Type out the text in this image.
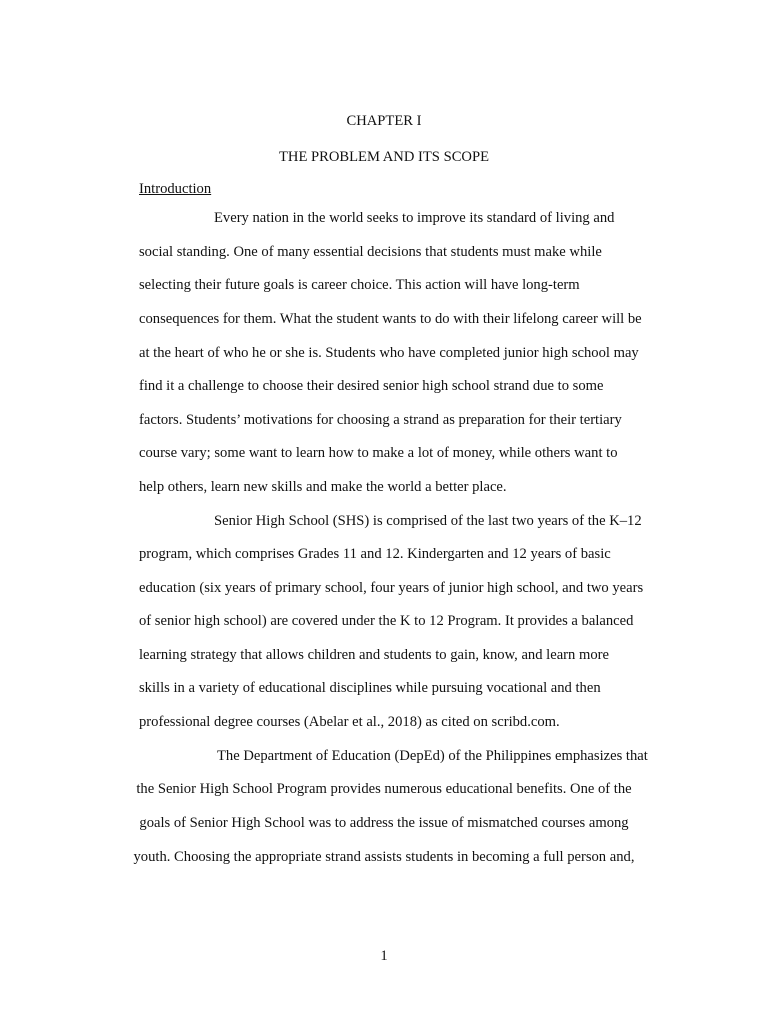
CHAPTER I

THE PROBLEM AND ITS SCOPE

Introduction

Every nation in the world seeks to improve its standard of living and

social standing. One of many essential decisions that students must make while

selecting their future goals is career choice. This action will have long-term

consequences for them. What the student wants to do with their lifelong career will be

at the heart of who he or she is. Students who have completed junior high school may

find it a challenge to choose their desired senior high school strand due to some

factors. Students’ motivations for choosing a strand as preparation for their tertiary

course vary; some want to learn how to make a lot of money, while others want to

help others, learn new skills and make the world a better place.

Senior High School (SHS) is comprised of the last two years of the K–12

program, which comprises Grades 11 and 12. Kindergarten and 12 years of basic

education (six years of primary school, four years of junior high school, and two years

of senior high school) are covered under the K to 12 Program. It provides a balanced

learning strategy that allows children and students to gain, know, and learn more

skills in a variety of educational disciplines while pursuing vocational and then

professional degree courses (Abelar et al., 2018) as cited on scribd.com.

The Department of Education (DepEd) of the Philippines emphasizes that

the Senior High School Program provides numerous educational benefits. One of the

goals of Senior High School was to address the issue of mismatched courses among

youth. Choosing the appropriate strand assists students in becoming a full person and,

1
